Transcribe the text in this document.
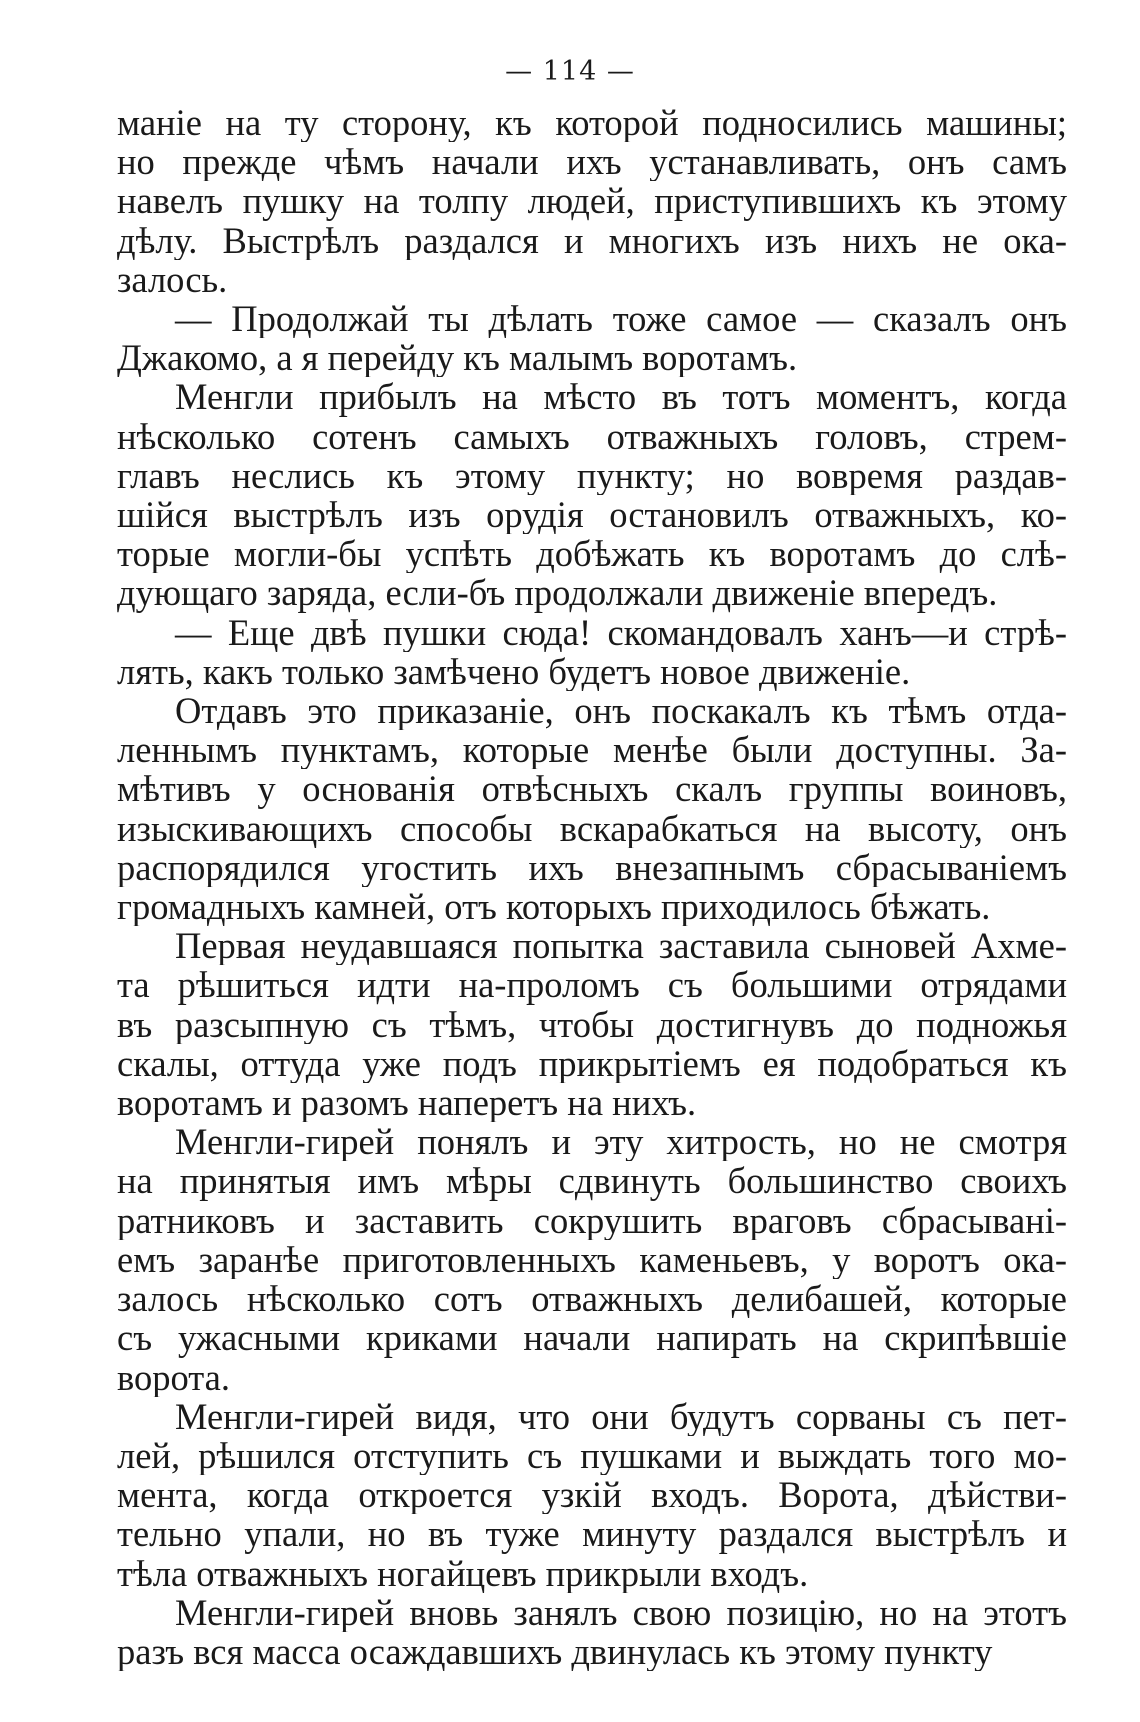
— 114 —
маніе на ту сторону, къ которой подносились машины;
но прежде чѣмъ начали ихъ устанавливать, онъ самъ
навелъ пушку на толпу людей, приступившихъ къ этому
дѣлу. Выстрѣлъ раздался и многихъ изъ нихъ не ока-
залось.
— Продолжай ты дѣлать тоже самое — сказалъ онъ
Джакомо, а я перейду къ малымъ воротамъ.
Менгли прибылъ на мѣсто въ тотъ моментъ, когда
нѣсколько сотенъ самыхъ отважныхъ головъ, стрем-
главъ неслись къ этому пункту; но вовремя раздав-
шійся выстрѣлъ изъ орудія остановилъ отважныхъ, ко-
торые могли-бы успѣть добѣжать къ воротамъ до слѣ-
дующаго заряда, если-бъ продолжали движеніе впередъ.
— Еще двѣ пушки сюда! скомандовалъ ханъ—и стрѣ-
лять, какъ только замѣчено будетъ новое движеніе.
Отдавъ это приказаніе, онъ поскакалъ къ тѣмъ отда-
леннымъ пунктамъ, которые менѣе были доступны. За-
мѣтивъ у основанія отвѣсныхъ скалъ группы воиновъ,
изыскивающихъ способы вскарабкаться на высоту, онъ
распорядился угостить ихъ внезапнымъ сбрасываніемъ
громадныхъ камней, отъ которыхъ приходилось бѣжать.
Первая неудавшаяся попытка заставила сыновей Ахме-
та рѣшиться идти на-проломъ съ большими отрядами
въ разсыпную съ тѣмъ, чтобы достигнувъ до подножья
скалы, оттуда уже подъ прикрытіемъ ея подобраться къ
воротамъ и разомъ наперетъ на нихъ.
Менгли-гирей понялъ и эту хитрость, но не смотря
на принятыя имъ мѣры сдвинуть большинство своихъ
ратниковъ и заставить сокрушить враговъ сбрасывані-
емъ заранѣе приготовленныхъ каменьевъ, у воротъ ока-
залось нѣсколько сотъ отважныхъ делибашей, которые
съ ужасными криками начали напирать на скрипѣвшіе
ворота.
Менгли-гирей видя, что они будутъ сорваны съ пет-
лей, рѣшился отступить съ пушками и выждать того мо-
мента, когда откроется узкій входъ. Ворота, дѣйстви-
тельно упали, но въ туже минуту раздался выстрѣлъ и
тѣла отважныхъ ногайцевъ прикрыли входъ.
Менгли-гирей вновь занялъ свою позицію, но на этотъ
разъ вся масса осаждавшихъ двинулась къ этому пункту
